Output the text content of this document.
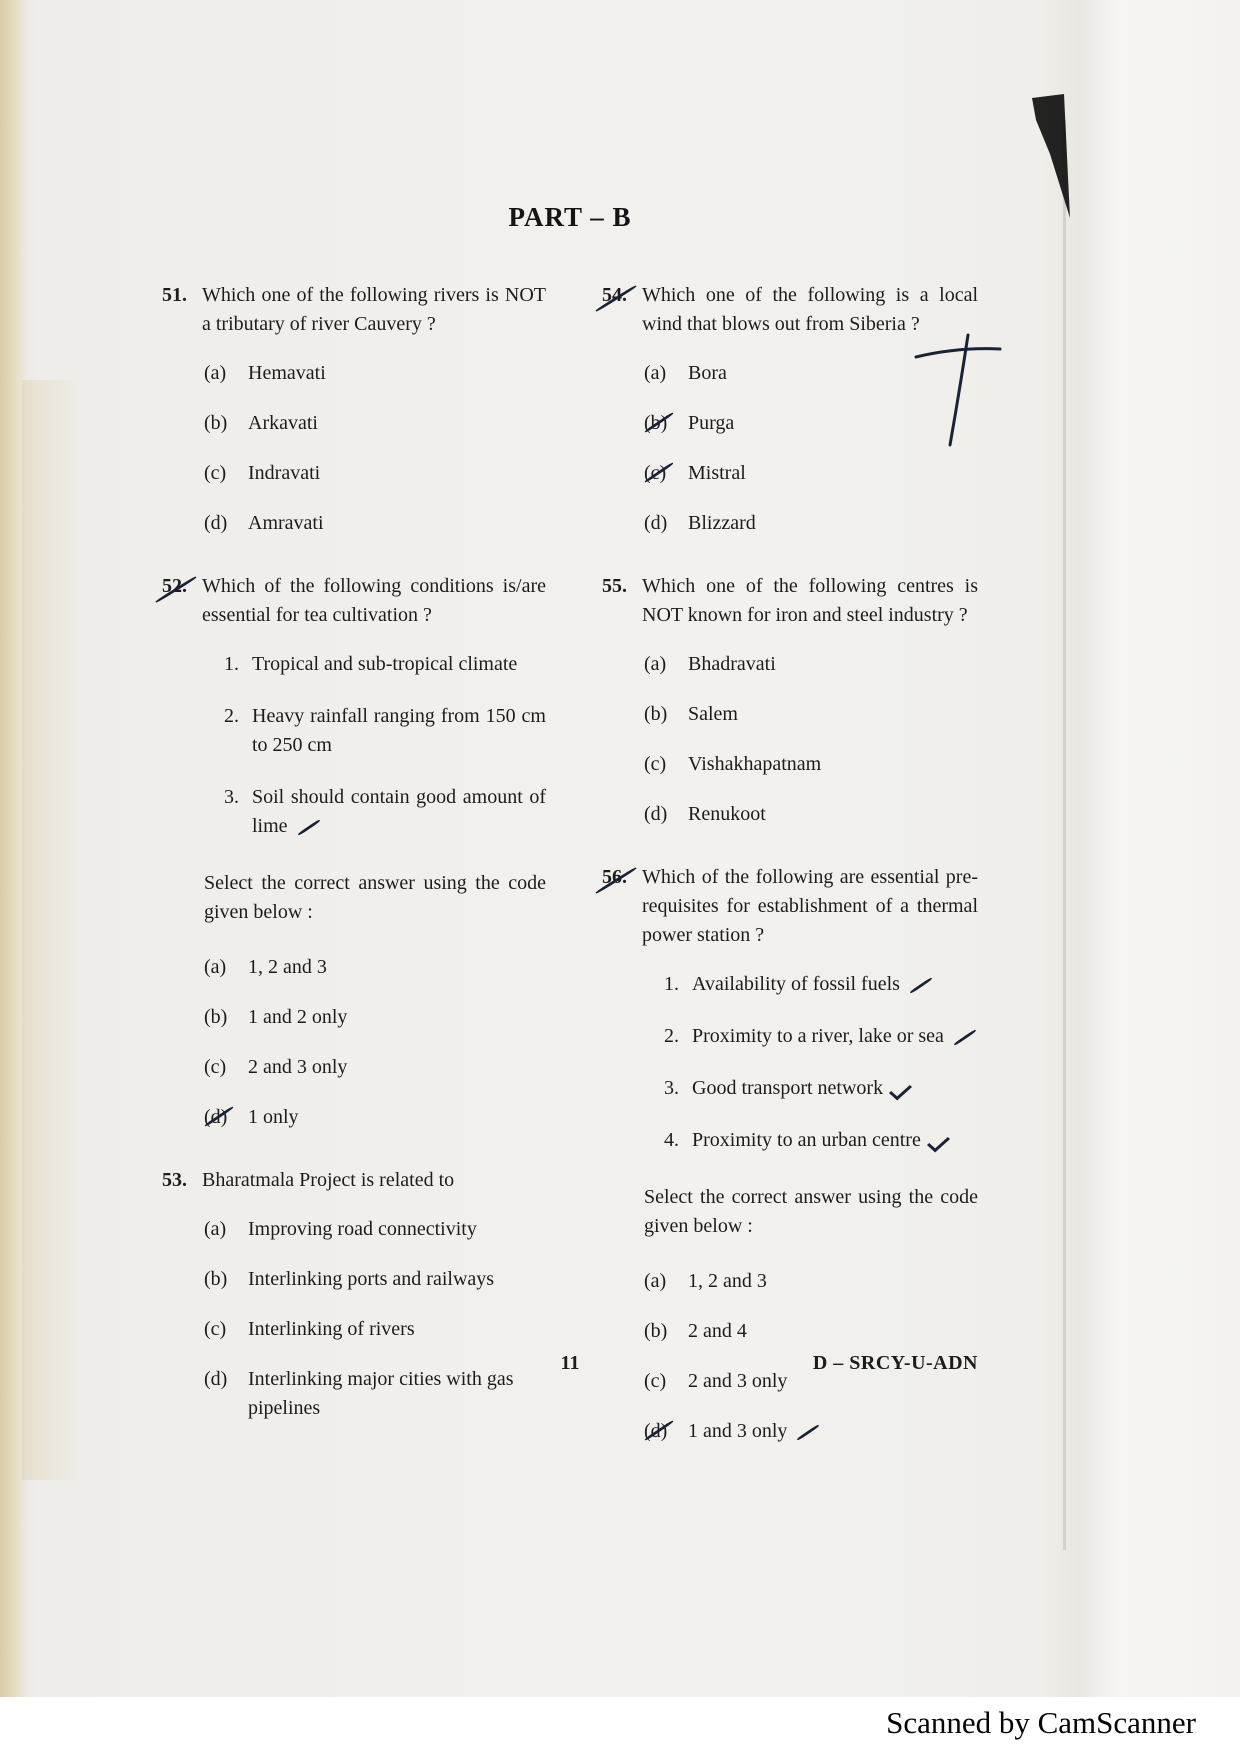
PART – B
51. Which one of the following rivers is NOT a tributary of river Cauvery ?
(a)	Hemavati
(b)	Arkavati
(c)	Indravati
(d)	Amravati
52. Which of the following conditions is/are essential for tea cultivation ?
1. Tropical and sub-tropical climate
2. Heavy rainfall ranging from 150 cm to 250 cm
3. Soil should contain good amount of lime
Select the correct answer using the code given below :
(a)	1, 2 and 3
(b)	1 and 2 only
(c)	2 and 3 only
(d)	1 only
53. Bharatmala Project is related to
(a)	Improving road connectivity
(b)	Interlinking ports and railways
(c)	Interlinking of rivers
(d)	Interlinking major cities with gas pipelines
54. Which one of the following is a local wind that blows out from Siberia ?
(a)	Bora
(b)	Purga
(c)	Mistral
(d)	Blizzard
55. Which one of the following centres is NOT known for iron and steel industry ?
(a)	Bhadravati
(b)	Salem
(c)	Vishakhapatnam
(d)	Renukoot
56. Which of the following are essential pre-requisites for establishment of a thermal power station ?
1. Availability of fossil fuels
2. Proximity to a river, lake or sea
3. Good transport network
4. Proximity to an urban centre
Select the correct answer using the code given below :
(a)	1, 2 and 3
(b)	2 and 4
(c)	2 and 3 only
(d)	1 and 3 only
11	D – SRCY-U-ADN
Scanned by CamScanner
